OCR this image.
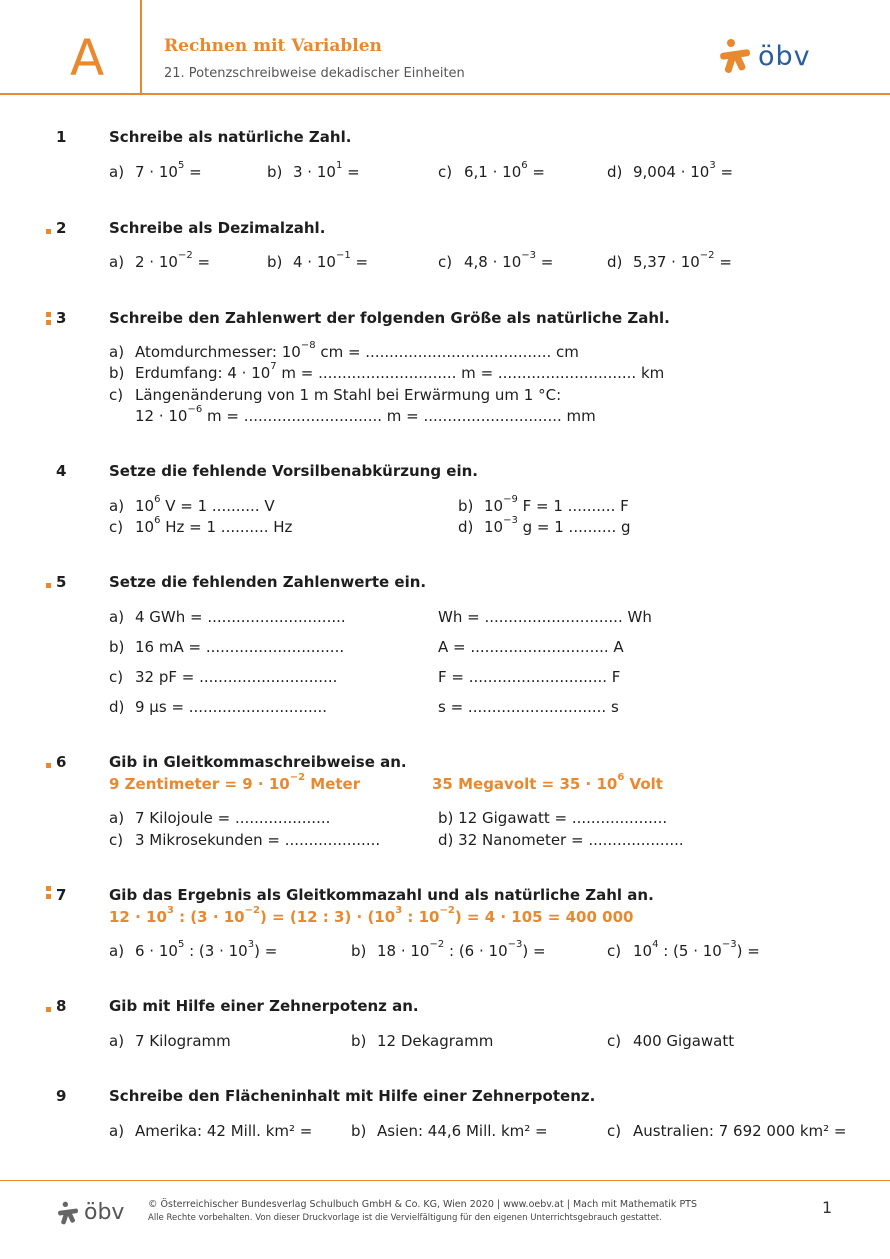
A	Rechnen mit Variablen
21. Potenzschreibweise dekadischer Einheiten
öbv
1	Schreibe als natürliche Zahl.
a) $7 \cdot 10^5$ =	b) $3 \cdot 10^1$ =	c) $6,1 \cdot 10^6$ =	d) $9,004 \cdot 10^3$ =
2	Schreibe als Dezimalzahl.
a) $2 \cdot 10^{-2}$ =	b) $4 \cdot 10^{-1}$ =	c) $4,8 \cdot 10^{-3}$ =	d) $5,37 \cdot 10^{-2}$ =
3	Schreibe den Zahlenwert der folgenden Größe als natürliche Zahl.
a) Atomdurchmesser: $10^{-8}$ cm = ....................................... cm
b) Erdumfang: $4 \cdot 10^7$ m = ............................. m = ............................. km
c) Längenänderung von 1 m Stahl bei Erwärmung um 1 °C:
$12 \cdot 10^{-6}$ m = ............................. m = ............................. mm
4	Setze die fehlende Vorsilbenabkürzung ein.
a) $10^6$ V = 1 .......... V	b) $10^{-9}$ F = 1 .......... F
c) $10^6$ Hz = 1 .......... Hz	d) $10^{-3}$ g = 1 .......... g
5	Setze die fehlenden Zahlenwerte ein.
a) 4 GWh = .............................	Wh = ............................. Wh
b) 16 mA = .............................	A = ............................. A
c) 32 pF = .............................	F = ............................. F
d) 9 µs = .............................	s = ............................. s
6	Gib in Gleitkommaschreibweise an.
9 Zentimeter = $9 \cdot 10^{-2}$ Meter	35 Megavolt = $35 \cdot 10^6$ Volt
a) 7 Kilojoule = ....................	b) 12 Gigawatt = ....................
c) 3 Mikrosekunden = ....................	d) 32 Nanometer = ....................
7	Gib das Ergebnis als Gleitkommazahl und als natürliche Zahl an.
$12 \cdot 10^3$ : $(3 \cdot 10^{-2}) = (12$ : $3) \cdot (10^3$ : $10^{-2}) = 4 \cdot 105 = 400$ 000
a) $6 \cdot 10^5$ : $(3 \cdot 10^3)$ =	b) $18 \cdot 10^{-2}$ : $(6 \cdot 10^{-3})$ =	c) $10^4$ : $(5 \cdot 10^{-3})$ =
8	Gib mit Hilfe einer Zehnerpotenz an.
a) 7 Kilogramm	b) 12 Dekagramm	c) 400 Gigawatt
9	Schreibe den Flächeninhalt mit Hilfe einer Zehnerpotenz.
a) Amerika: 42 Mill. km² =	b) Asien: 44,6 Mill. km² =	c) Australien: 7 692 000 km² =
öbv © Österreichischer Bundesverlag Schulbuch GmbH & Co. KG, Wien 2020 | www.oebv.at | Mach mit Mathematik PTS
Alle Rechte vorbehalten. Von dieser Druckvorlage ist die Vervielfältigung für den eigenen Unterrichtsgebrauch gestattet.
1
